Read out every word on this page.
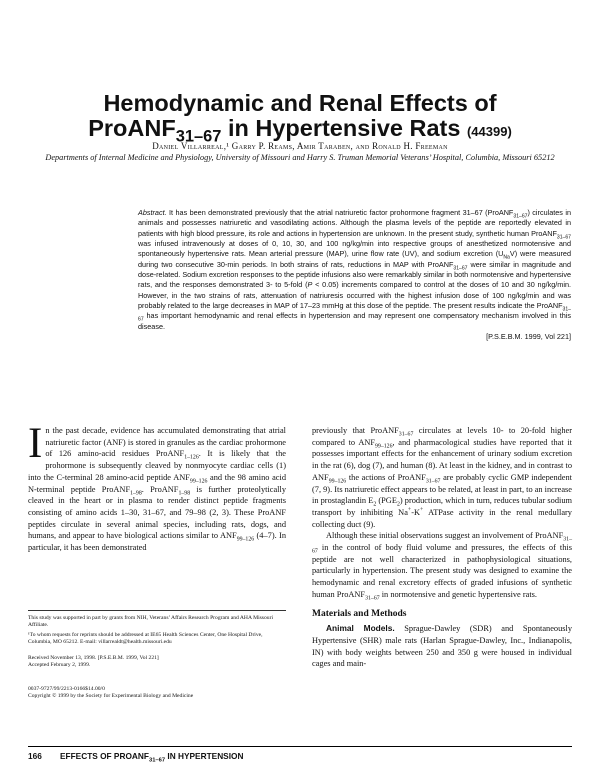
Hemodynamic and Renal Effects of
ProANF$_{31-67}$ in Hypertensive Rats (44399)
Daniel Villarreal,¹ Garry P. Reams, Amir Taraben, and Ronald H. Freeman
Departments of Internal Medicine and Physiology, University of Missouri and Harry S. Truman Memorial Veterans’ Hospital, Columbia, Missouri 65212
Abstract. It has been demonstrated previously that the atrial natriuretic factor prohormone fragment 31–67 (ProANF$_{31-67}$) circulates in animals and possesses natriuretic and vasodilating actions. Although the plasma levels of the peptide are reportedly elevated in patients with high blood pressure, its role and actions in hypertension are unknown. In the present study, synthetic human ProANF$_{31-67}$ was infused intravenously at doses of 0, 10, 30, and 100 ng/kg/min into respective groups of anesthetized normotensive and spontaneously hypertensive rats. Mean arterial pressure (MAP), urine flow rate (UV), and sodium excretion $(U_{Na}V)$ were measured during two consecutive 30-min periods. In both strains of rats, reductions in MAP with ProANF$_{31-67}$ were similar in magnitude and dose-related. Sodium excretion responses to the peptide infusions also were remarkably similar in both normotensive and hypertensive rats, and the responses demonstrated 3- to 5-fold (P < 0.05) increments compared to control at the doses of 10 and 30 ng/kg/min. However, in the two strains of rats, attenuation of natriuresis occurred with the highest infusion dose of 100 ng/kg/min and was probably related to the large decreases in MAP of 17–23 mmHg at this dose of the peptide. The present results indicate the ProANF$_{31-67}$ has important hemodynamic and renal effects in hypertension and may represent one compensatory mechanism involved in this disease.
[P.S.E.B.M. 1999, Vol 221]

In the past decade, evidence has accumulated demonstrating that atrial natriuretic factor (ANF) is stored in granules as the cardiac prohormone of 126 amino-acid residues ProANF$_{1-126}$. It is likely that the prohormone is subsequently cleaved by nonmyocyte cardiac cells (1) into the C-terminal 28 amino-acid peptide $ANF_{99-126}$ and the 98 amino acid N-terminal peptide ProANF$_{1-98}$. ProANF$_{1-98}$ is further proteolytically cleaved in the heart or in plasma to render distinct peptide fragments consisting of amino acids 1–30, 31–67, and 79–98 (2, 3). These ProANF peptides circulate in several animal species, including rats, dogs, and humans, and appear to have biological actions similar to $ANF_{99-126}$ (4–7). In particular, it has been demonstrated

This study was supported in part by grants from NIH, Veterans’ Affairs Research Program and AHA Missouri Affiliate.

¹To whom requests for reprints should be addressed at IE65 Health Sciences Center, One Hospital Drive, Columbia, MO 65212. E-mail: villarrealdt@health.missouri.edu

Received November 13, 1998. [P.S.E.B.M. 1999, Vol 221]
Accepted February 2, 1999.
0037-9727/99/2213-0166$14.00/0
Copyright © 1999 by the Society for Experimental Biology and Medicine

previously that ProANF$_{31-67}$ circulates at levels 10- to 20-fold higher compared to $ANF_{99-126}$, and pharmacological studies have reported that it possesses important effects for the enhancement of urinary sodium excretion in the rat (6), dog (7), and human (8). At least in the kidney, and in contrast to $ANF_{99-126}$ the actions of ProANF$_{31-67}$ are probably cyclic GMP independent (7, 9). Its natriuretic effect appears to be related, at least in part, to an increase in prostaglandin $E_2$ $(PGE_2)$ production, which in turn, reduces tubular sodium transport by inhibiting Na+-K+ ATPase activity in the renal medullary collecting duct (9).

Although these initial observations suggest an involvement of ProANF$_{31-67}$ in the control of body fluid volume and pressures, the effects of this peptide are not well characterized in pathophysiological situations, particularly in hypertension. The present study was designed to examine the hemodynamic and renal excretory effects of graded infusions of synthetic human ProANF$_{31-67}$ in normotensive and genetic hypertensive rats.

Materials and Methods

Animal Models. Sprague-Dawley (SDR) and Spontaneously Hypertensive (SHR) male rats (Harlan Sprague-Dawley, Inc., Indianapolis, IN) with body weights between 250 and 350 g were housed in individual cages and main-

166 EFFECTS OF $PROANF_{31-67}$ IN HYPERTENSION
